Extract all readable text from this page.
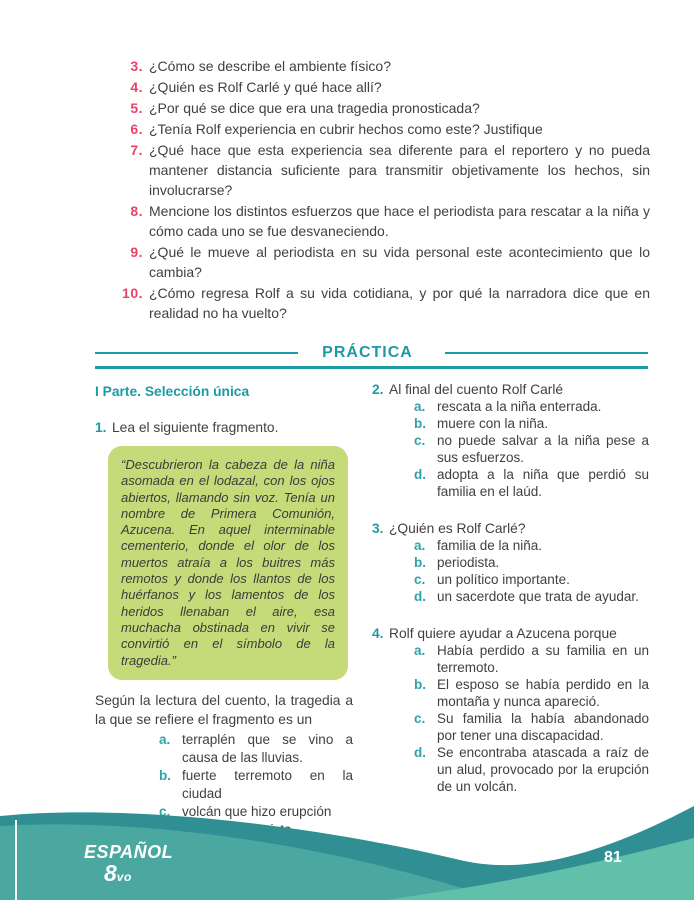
3. ¿Cómo se describe el ambiente físico?
4. ¿Quién es Rolf Carlé y qué hace allí?
5. ¿Por qué se dice que era una tragedia pronosticada?
6. ¿Tenía Rolf experiencia en cubrir hechos como este? Justifique
7. ¿Qué hace que esta experiencia sea diferente para el reportero y no pueda mantener distancia suficiente para transmitir objetivamente los hechos, sin involucrarse?
8. Mencione los distintos esfuerzos que hace el periodista para rescatar a la niña y cómo cada uno se fue desvaneciendo.
9. ¿Qué le mueve al periodista en su vida personal este acontecimiento que lo cambia?
10. ¿Cómo regresa Rolf a su vida cotidiana, y por qué la narradora dice que en realidad no ha vuelto?
PRÁCTICA
I Parte. Selección única
1. Lea el siguiente fragmento.
“Descubrieron la cabeza de la niña asomada en el lodazal, con los ojos abiertos, llamando sin voz. Tenía un nombre de Primera Comunión, Azucena. En aquel interminable cementerio, donde el olor de los muertos atraía a los buitres más remotos y donde los llantos de los huérfanos y los lamentos de los heridos llenaban el aire, esa muchacha obstinada en vivir se convirtió en el símbolo de la tragedia.”
Según la lectura del cuento, la tragedia a la que se refiere el fragmento es un
a. terraplén que se vino a causa de las lluvias.
b. fuerte terremoto en la ciudad
c. volcán que hizo erupción
2. Al final del cuento Rolf Carlé
a. rescata a la niña enterrada.
b. muere con la niña.
c. no puede salvar a la niña pese a sus esfuerzos.
d. adopta a la niña que perdió su familia en el laúd.
3. ¿Quién es Rolf Carlé?
a. familia de la niña.
b. periodista.
c. un político importante.
d. un sacerdote que trata de ayudar.
4. Rolf quiere ayudar a Azucena porque
a. Había perdido a su familia en un terremoto.
b. El esposo se había perdido en la montaña y nunca apareció.
c. Su familia la había abandonado por tener una discapacidad.
d. Se encontraba atascada a raíz de un alud, provocado por la erupción de un volcán.
ESPAÑOL
8vo
81
